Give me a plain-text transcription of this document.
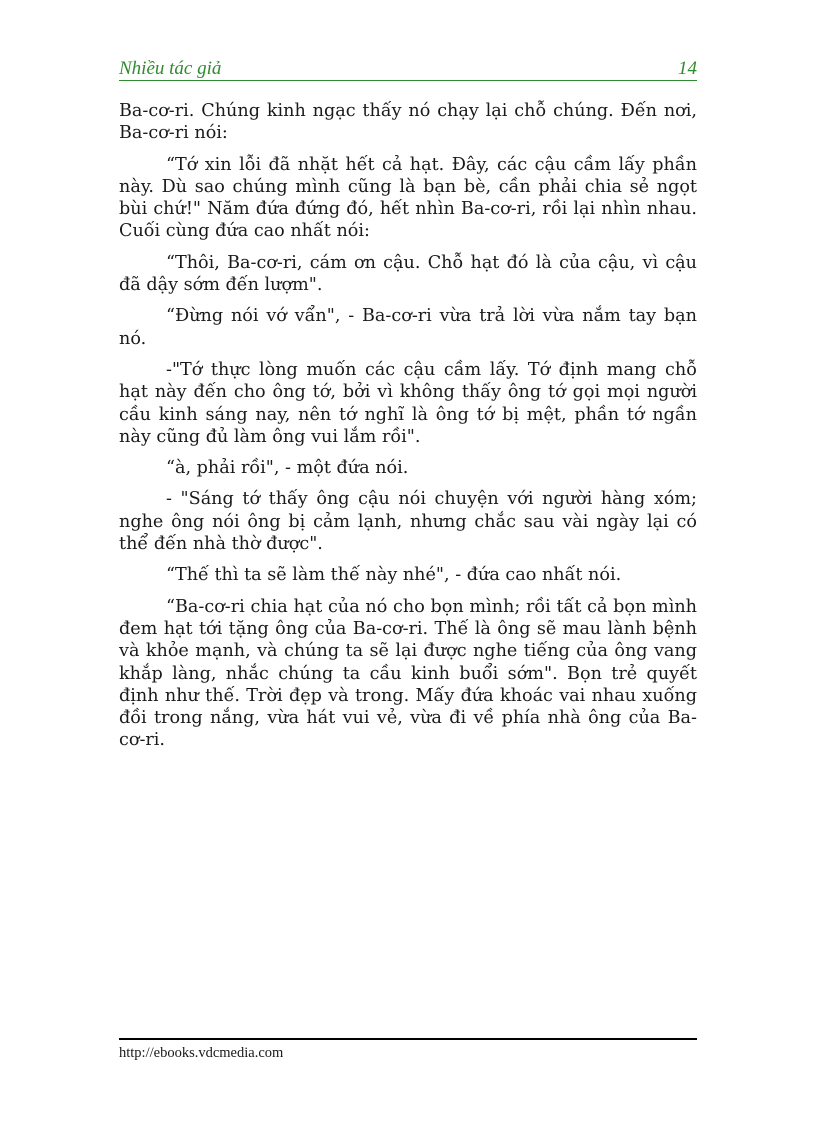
Nhiều tác giả	14

Ba-cơ-ri. Chúng kinh ngạc thấy nó chạy lại chỗ chúng. Đến nơi, Ba-cơ-ri nói:

“Tớ xin lỗi đã nhặt hết cả hạt. Đây, các cậu cầm lấy phần này. Dù sao chúng mình cũng là bạn bè, cần phải chia sẻ ngọt bùi chứ!" Năm đứa đứng đó, hết nhìn Ba-cơ-ri, rồi lại nhìn nhau. Cuối cùng đứa cao nhất nói:

“Thôi, Ba-cơ-ri, cám ơn cậu. Chỗ hạt đó là của cậu, vì cậu đã dậy sớm đến lượm".

“Đừng nói vớ vẩn", - Ba-cơ-ri vừa trả lời vừa nắm tay bạn nó.

-"Tớ thực lòng muốn các cậu cầm lấy. Tớ định mang chỗ hạt này đến cho ông tớ, bởi vì không thấy ông tớ gọi mọi người cầu kinh sáng nay, nên tớ nghĩ là ông tớ bị mệt, phần tớ ngần này cũng đủ làm ông vui lắm rồi".

“à, phải rồi", - một đứa nói.

- "Sáng tớ thấy ông cậu nói chuyện với người hàng xóm; nghe ông nói ông bị cảm lạnh, nhưng chắc sau vài ngày lại có thể đến nhà thờ được".

“Thế thì ta sẽ làm thế này nhé", - đứa cao nhất nói.

“Ba-cơ-ri chia hạt của nó cho bọn mình; rồi tất cả bọn mình đem hạt tới tặng ông của Ba-cơ-ri. Thế là ông sẽ mau lành bệnh và khỏe mạnh, và chúng ta sẽ lại được nghe tiếng của ông vang khắp làng, nhắc chúng ta cầu kinh buổi sớm". Bọn trẻ quyết định như thế. Trời đẹp và trong. Mấy đứa khoác vai nhau xuống đồi trong nắng, vừa hát vui vẻ, vừa đi về phía nhà ông của Ba-cơ-ri.

http://ebooks.vdcmedia.com
